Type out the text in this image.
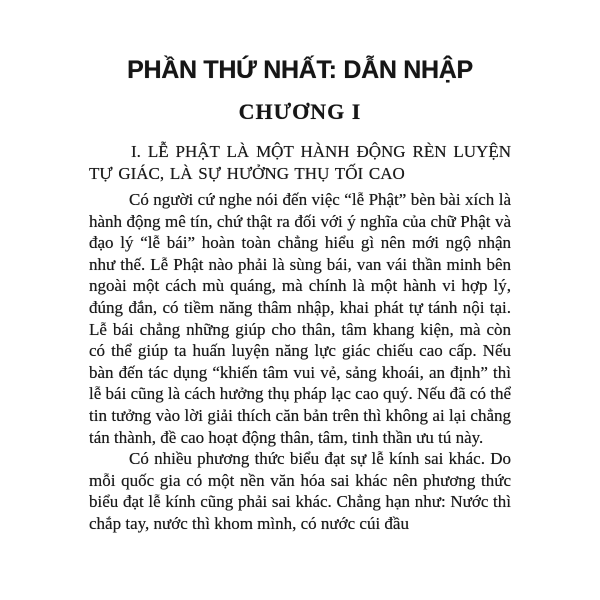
PHẦN THỨ NHẤT: DẪN NHẬP
CHƯƠNG I

I. LỄ PHẬT LÀ MỘT HÀNH ĐỘNG RÈN LUYỆN TỰ GIÁC, LÀ SỰ HƯỞNG THỤ TỐI CAO

Có người cứ nghe nói đến việc “lễ Phật” bèn bài xích là hành động mê tín, chứ thật ra đối với ý nghĩa của chữ Phật và đạo lý “lễ bái” hoàn toàn chẳng hiểu gì nên mới ngộ nhận như thế. Lễ Phật nào phải là sùng bái, van vái thần minh bên ngoài một cách mù quáng, mà chính là một hành vi hợp lý, đúng đắn, có tiềm năng thâm nhập, khai phát tự tánh nội tại. Lễ bái chẳng những giúp cho thân, tâm khang kiện, mà còn có thể giúp ta huấn luyện năng lực giác chiếu cao cấp. Nếu bàn đến tác dụng “khiến tâm vui vẻ, sảng khoái, an định” thì lễ bái cũng là cách hưởng thụ pháp lạc cao quý. Nếu đã có thể tin tưởng vào lời giải thích căn bản trên thì không ai lại chẳng tán thành, đề cao hoạt động thân, tâm, tinh thần ưu tú này.

Có nhiều phương thức biểu đạt sự lễ kính sai khác. Do mỗi quốc gia có một nền văn hóa sai khác nên phương thức biểu đạt lễ kính cũng phải sai khác. Chẳng hạn như: Nước thì chắp tay, nước thì khom mình, có nước cúi đầu
